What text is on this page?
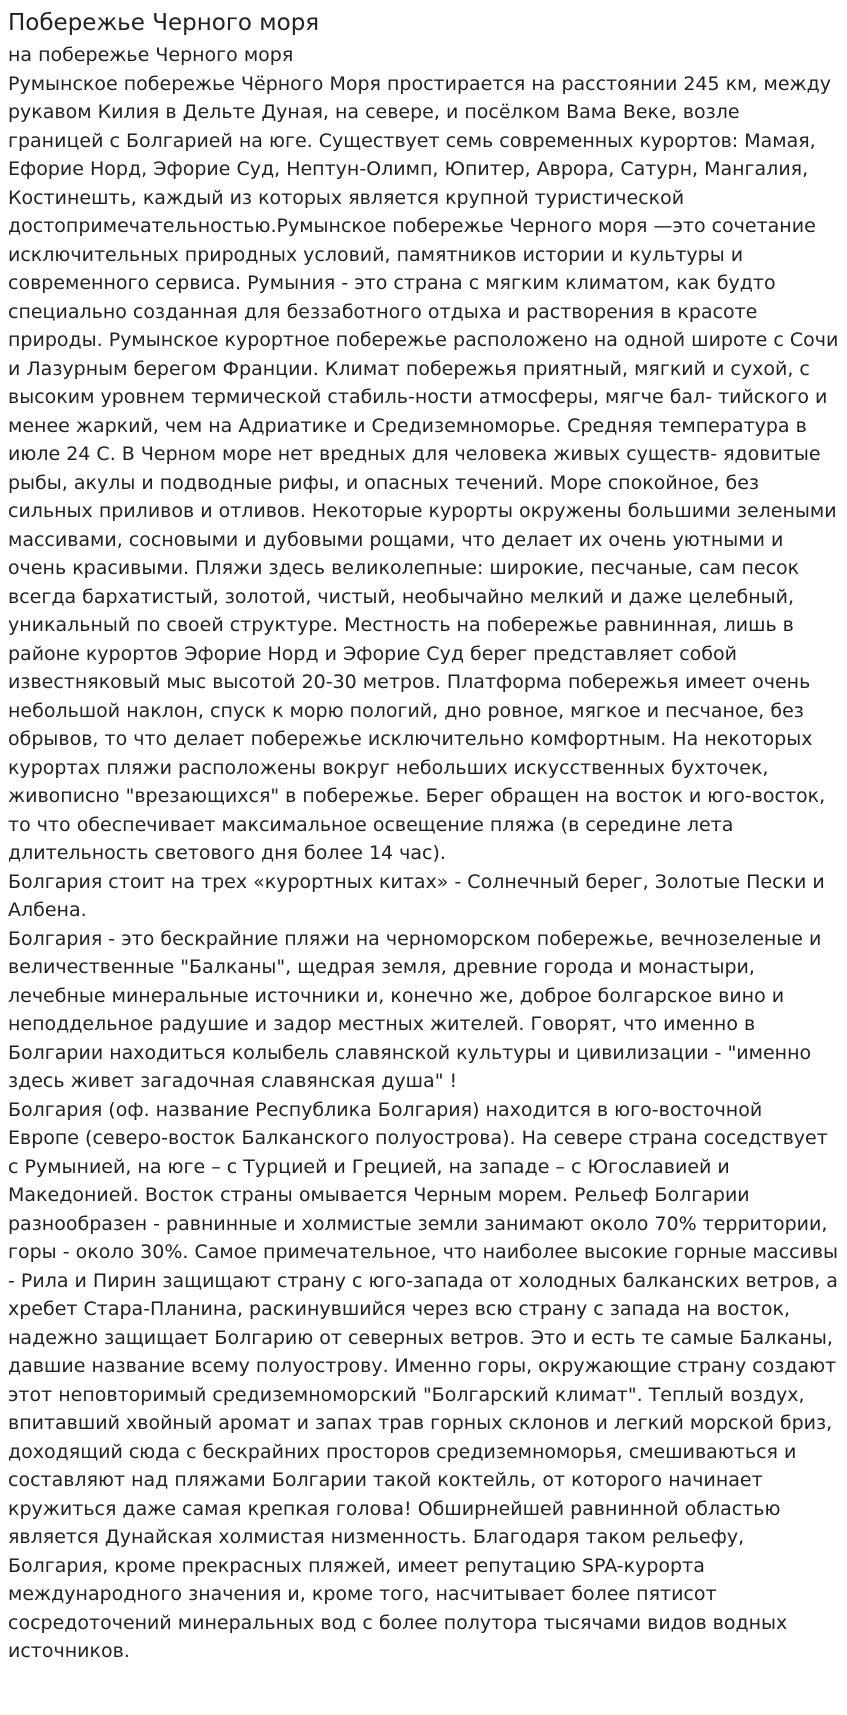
Побережье Черного моря

на побережье Черного моря

Румынское побережье Чёрного Моря простирается на расстоянии 245 км, между рукавом Килия в Дельте Дуная, на севере, и посёлком Вама Веке, возле границей с Болгарией на юге. Существует семь современных курортов: Мамая, Ефорие Норд, Эфорие Суд, Нептун-Олимп, Юпитер, Аврора, Сатурн, Мангалия, Костинешть, каждый из которых является крупной туристической достопримечательностью.Румынское побережье Черного моря —это сочетание исключительных природных условий, памятников истории и культуры и современного сервиса. Румыния - это страна с мягким климатом, как будто специально созданная для беззаботного отдыха и растворения в красоте природы. Румынское курортное побережье расположено на одной широте с Сочи и Лазурным берегом Франции. Климат побережья приятный, мягкий и сухой, с высоким уровнем термической стабиль-ности атмосферы, мягче бал- тийского и менее жаркий, чем на Адриатике и Средиземноморье. Средняя температура в июле 24 С. В Черном море нет вредных для человека живых существ- ядовитые рыбы, акулы и подводные рифы, и опасных течений. Море спокойное, без сильных приливов и отливов. Некоторые курорты окружены большими зелеными массивами, сосновыми и дубовыми рощами, что делает их очень уютными и очень красивыми. Пляжи здесь великолепные: широкие, песчаные, сам песок всегда бархатистый, золотой, чистый, необычайно мелкий и даже целебный, уникальный по своей структуре. Местность на побережье равнинная, лишь в районе курортов Эфорие Норд и Эфорие Суд берег представляет собой известняковый мыс высотой 20-30 метров. Платформа побережья имеет очень небольшой наклон, спуск к морю пологий, дно ровное, мягкое и песчаное, без обрывов, то что делает побережье исключительно комфортным. На некоторых курортах пляжи расположены вокруг небольших искусственных бухточек, живописно "врезающихся" в побережье. Берег обращен на восток и юго-восток, то что обеспечивает максимальное освещение пляжа (в середине лета длительность светового дня более 14 час).

Болгария стоит на трех «курортных китах» - Солнечный берег, Золотые Пески и Албена.

Болгария - это бескрайние пляжи на черноморском побережье, вечнозеленые и величественные "Балканы", щедрая земля, древние города и монастыри, лечебные минеральные источники и, конечно же, доброе болгарское вино и неподдельное радушие и задор местных жителей. Говорят, что именно в Болгарии находиться колыбель славянской культуры и цивилизации - "именно здесь живет загадочная славянская душа" !

Болгария (оф. название Республика Болгария) находится в юго-восточной Европе (северо-восток Балканского полуострова). На севере страна соседствует с Румынией, на юге – с Турцией и Грецией, на западе – с Югославией и Македонией. Восток страны омывается Черным морем. Рельеф Болгарии разнообразен - равнинные и холмистые земли занимают около 70% территории, горы - около 30%. Самое примечательное, что наиболее высокие горные массивы - Рила и Пирин защищают страну с юго-запада от холодных балканских ветров, а хребет Стара-Планина, раскинувшийся через всю страну с запада на восток, надежно защищает Болгарию от северных ветров. Это и есть те самые Балканы, давшие название всему полуострову. Именно горы, окружающие страну создают этот неповторимый средиземноморский "Болгарский климат". Теплый воздух, впитавший хвойный аромат и запах трав горных склонов и легкий морской бриз, доходящий сюда с бескрайних просторов средиземноморья, смешиваються и составляют над пляжами Болгарии такой коктейль, от которого начинает кружиться даже самая крепкая голова! Обширнейшей равнинной областью является Дунайская холмистая низменность. Благодаря таком рельефу, Болгария, кроме прекрасных пляжей, имеет репутацию SPA-курорта международного значения и, кроме того, насчитывает более пятисот сосредоточений минеральных вод с более полутора тысячами видов водных источников.
